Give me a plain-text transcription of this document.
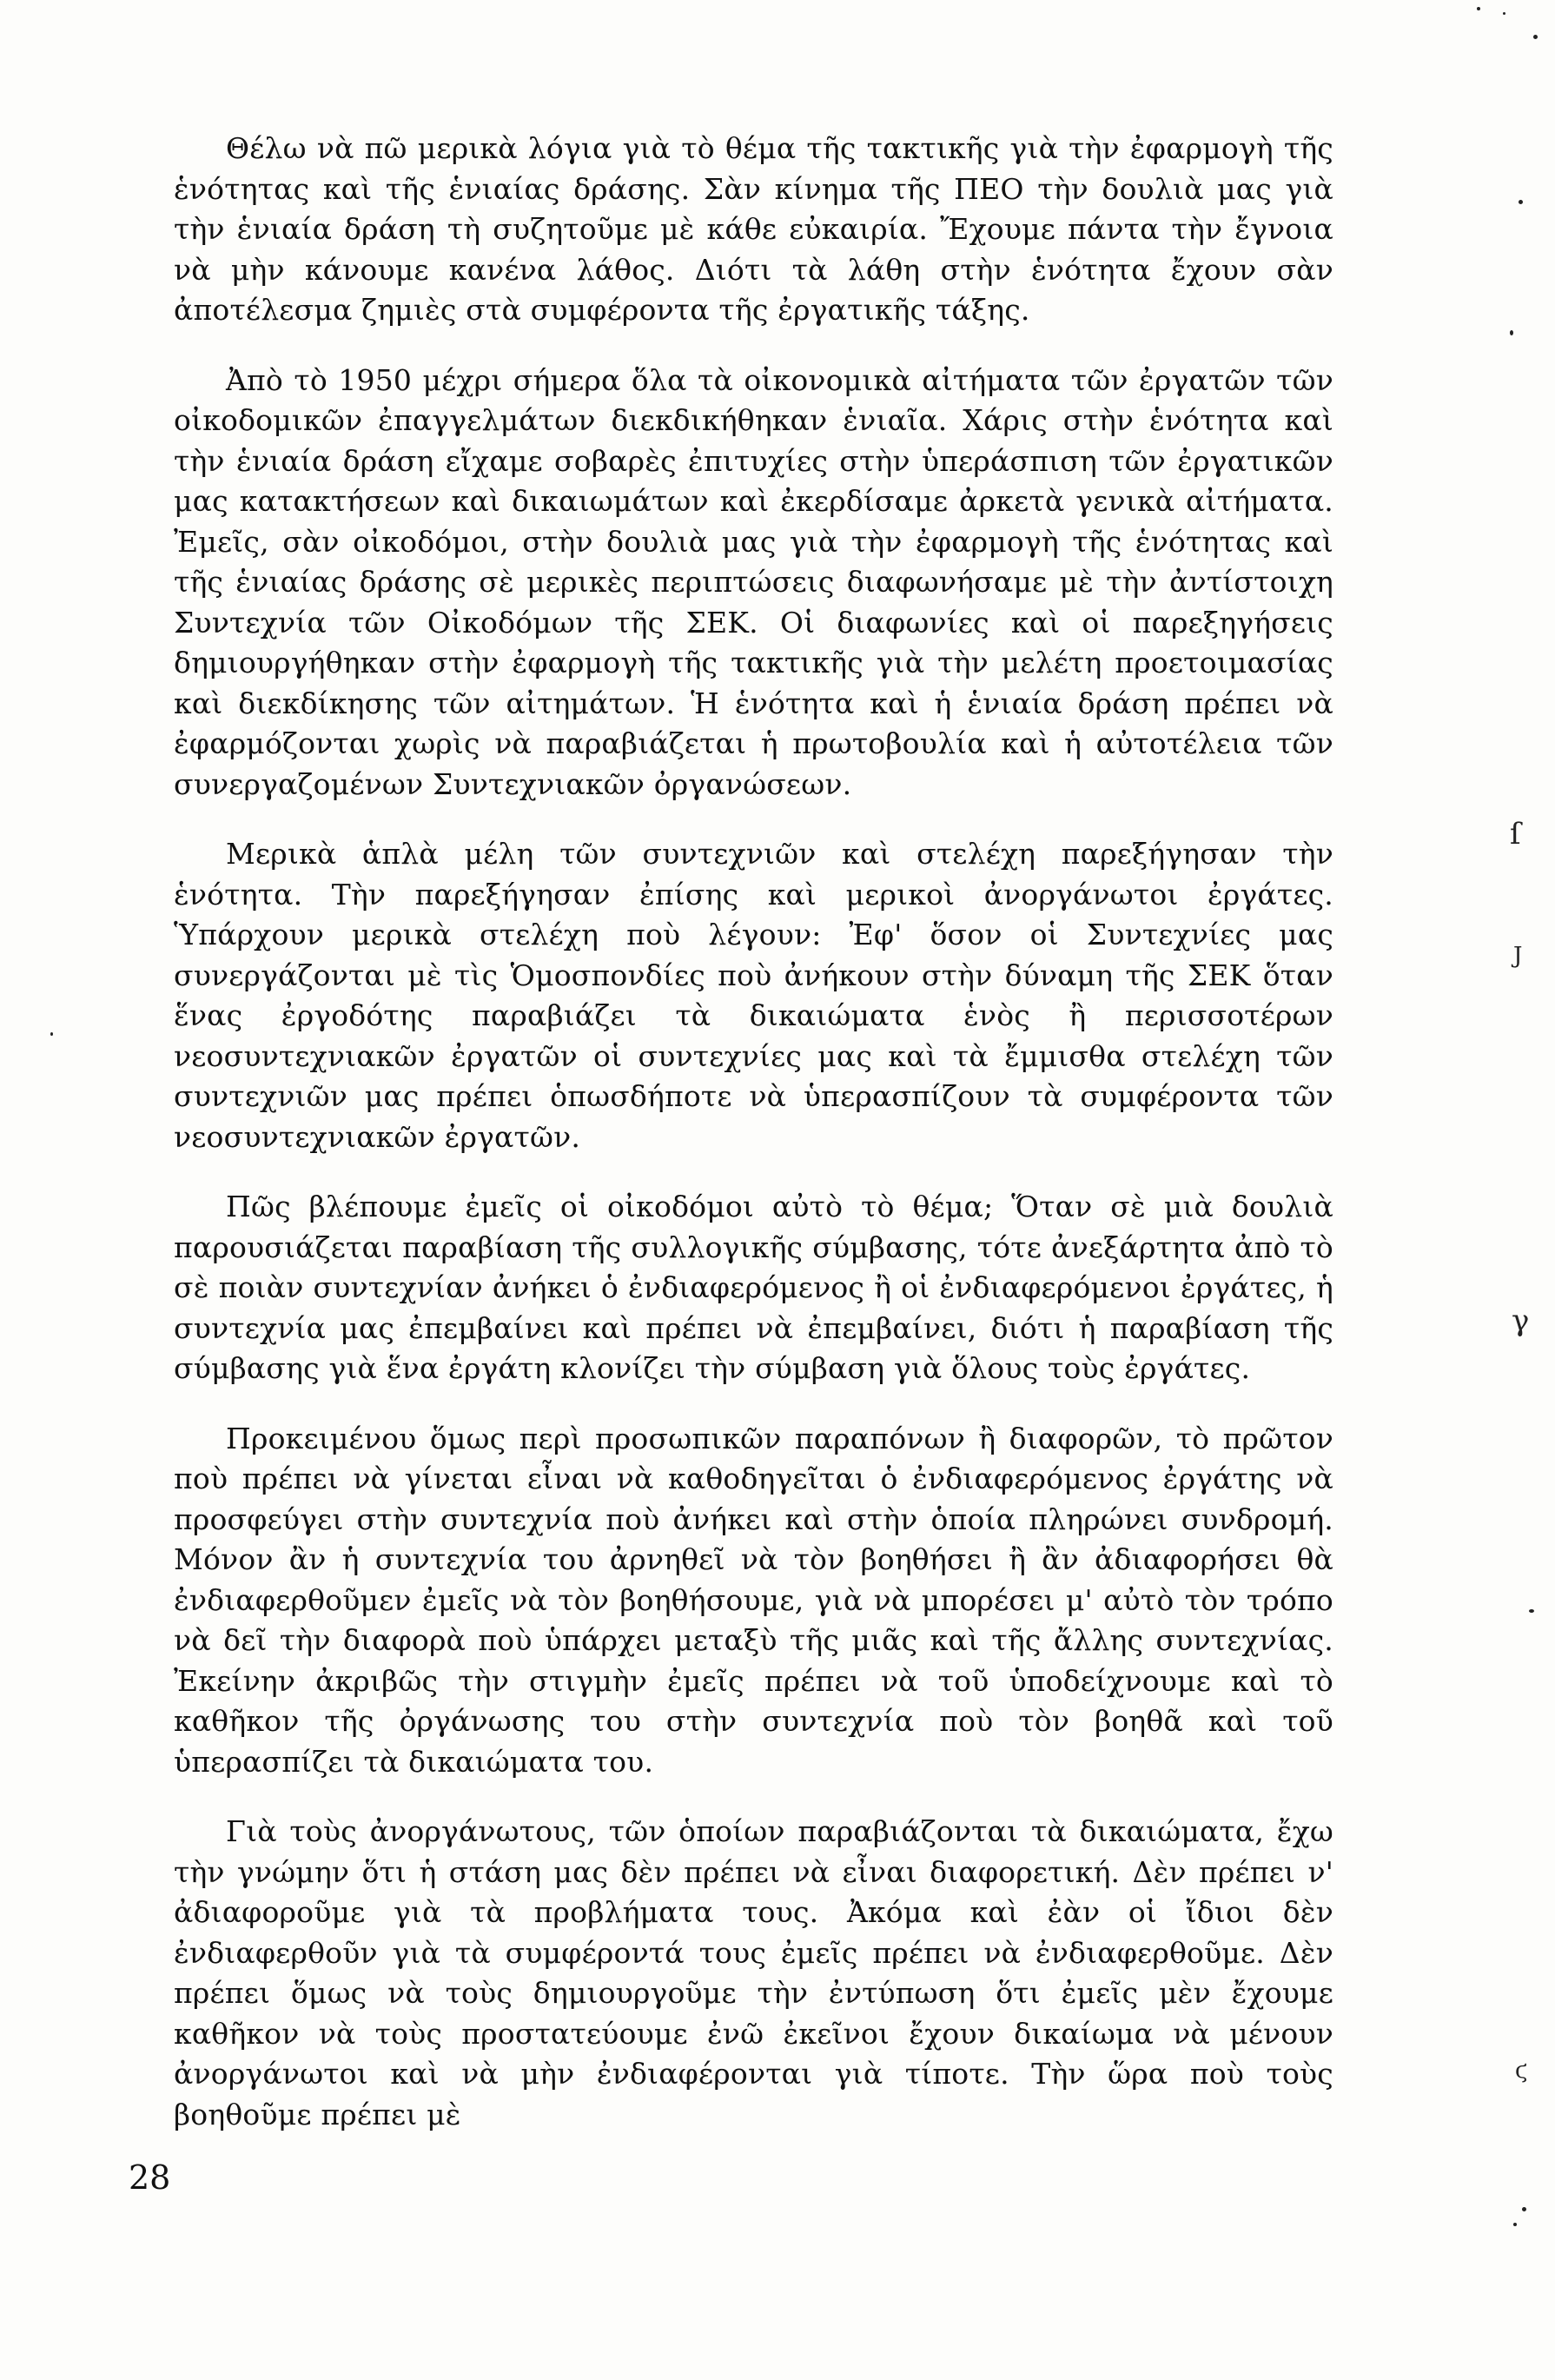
Θέλω νὰ πῶ μερικὰ λόγια γιὰ τὸ θέμα τῆς τακτικῆς γιὰ τὴν ἐφαρμογὴ τῆς ἑνότητας καὶ τῆς ἑνιαίας δράσης. Σὰν κίνημα τῆς ΠΕΟ τὴν δουλιὰ μας γιὰ τὴν ἑνιαία δράση τὴ συζητοῦμε μὲ κάθε εὐκαιρία. Ἔχουμε πάντα τὴν ἔγνοια νὰ μὴν κάνουμε κανένα λάθος. Διότι τὰ λάθη στὴν ἑνότητα ἔχουν σὰν ἀποτέλεσμα ζημιὲς στὰ συμφέροντα τῆς ἐργατικῆς τάξης.

Ἀπὸ τὸ 1950 μέχρι σήμερα ὅλα τὰ οἰκονομικὰ αἰτήματα τῶν ἐργατῶν τῶν οἰκοδομικῶν ἐπαγγελμάτων διεκδικήθηκαν ἑνιαῖα. Χάρις στὴν ἑνότητα καὶ τὴν ἑνιαία δράση εἴχαμε σοβαρὲς ἐπιτυχίες στὴν ὑπεράσπιση τῶν ἐργατικῶν μας κατακτήσεων καὶ δικαιωμάτων καὶ ἐκερδίσαμε ἀρκετὰ γενικὰ αἰτήματα. Ἐμεῖς, σὰν οἰκοδόμοι, στὴν δουλιὰ μας γιὰ τὴν ἐφαρμογὴ τῆς ἑνότητας καὶ τῆς ἑνιαίας δράσης σὲ μερικὲς περιπτώσεις διαφωνήσαμε μὲ τὴν ἀντίστοιχη Συντεχνία τῶν Οἰκοδόμων τῆς ΣΕΚ. Οἱ διαφωνίες καὶ οἱ παρεξηγήσεις δημιουργήθηκαν στὴν ἐφαρμογὴ τῆς τακτικῆς γιὰ τὴν μελέτη προετοιμασίας καὶ διεκδίκησης τῶν αἰτημάτων. Ἡ ἑνότητα καὶ ἡ ἑνιαία δράση πρέπει νὰ ἐφαρμόζονται χωρὶς νὰ παραβιάζεται ἡ πρωτοβουλία καὶ ἡ αὐτοτέλεια τῶν συνεργαζομένων Συντεχνιακῶν ὀργανώσεων.

Μερικὰ ἁπλὰ μέλη τῶν συντεχνιῶν καὶ στελέχη παρεξήγησαν τὴν ἑνότητα. Τὴν παρεξήγησαν ἐπίσης καὶ μερικοὶ ἀνοργάνωτοι ἐργάτες. Ὑπάρχουν μερικὰ στελέχη ποὺ λέγουν: Ἐφ' ὅσον οἱ Συντεχνίες μας συνεργάζονται μὲ τὶς Ὁμοσπονδίες ποὺ ἀνήκουν στὴν δύναμη τῆς ΣΕΚ ὅταν ἕνας ἐργοδότης παραβιάζει τὰ δικαιώματα ἑνὸς ἢ περισσοτέρων νεοσυντεχνιακῶν ἐργατῶν οἱ συντεχνίες μας καὶ τὰ ἔμμισθα στελέχη τῶν συντεχνιῶν μας πρέπει ὁπωσδήποτε νὰ ὑπερασπίζουν τὰ συμφέροντα τῶν νεοσυντεχνιακῶν ἐργατῶν.

Πῶς βλέπουμε ἐμεῖς οἱ οἰκοδόμοι αὐτὸ τὸ θέμα; Ὅταν σὲ μιὰ δουλιὰ παρουσιάζεται παραβίαση τῆς συλλογικῆς σύμβασης, τότε ἀνεξάρτητα ἀπὸ τὸ σὲ ποιὰν συντεχνίαν ἀνήκει ὁ ἐνδιαφερόμενος ἢ οἱ ἐνδιαφερόμενοι ἐργάτες, ἡ συντεχνία μας ἐπεμβαίνει καὶ πρέπει νὰ ἐπεμβαίνει, διότι ἡ παραβίαση τῆς σύμβασης γιὰ ἕνα ἐργάτη κλονίζει τὴν σύμβαση γιὰ ὅλους τοὺς ἐργάτες.

Προκειμένου ὅμως περὶ προσωπικῶν παραπόνων ἢ διαφορῶν, τὸ πρῶτον ποὺ πρέπει νὰ γίνεται εἶναι νὰ καθοδηγεῖται ὁ ἐνδιαφερόμενος ἐργάτης νὰ προσφεύγει στὴν συντεχνία ποὺ ἀνήκει καὶ στὴν ὁποία πληρώνει συνδρομή. Μόνον ἂν ἡ συντεχνία του ἀρνηθεῖ νὰ τὸν βοηθήσει ἢ ἂν ἀδιαφορήσει θὰ ἐνδιαφερθοῦμεν ἐμεῖς νὰ τὸν βοηθήσουμε, γιὰ νὰ μπορέσει μ' αὐτὸ τὸν τρόπο νὰ δεῖ τὴν διαφορὰ ποὺ ὑπάρχει μεταξὺ τῆς μιᾶς καὶ τῆς ἄλλης συντεχνίας. Ἐκείνην ἀκριβῶς τὴν στιγμὴν ἐμεῖς πρέπει νὰ τοῦ ὑποδείχνουμε καὶ τὸ καθῆκον τῆς ὀργάνωσης του στὴν συντεχνία ποὺ τὸν βοηθᾶ καὶ τοῦ ὑπερασπίζει τὰ δικαιώματα του.

Γιὰ τοὺς ἀνοργάνωτους, τῶν ὁποίων παραβιάζονται τὰ δικαιώματα, ἔχω τὴν γνώμην ὅτι ἡ στάση μας δὲν πρέπει νὰ εἶναι διαφορετική. Δὲν πρέπει ν' ἀδιαφοροῦμε γιὰ τὰ προβλήματα τους. Ἀκόμα καὶ ἐὰν οἱ ἴδιοι δὲν ἐνδιαφερθοῦν γιὰ τὰ συμφέροντά τους ἐμεῖς πρέπει νὰ ἐνδιαφερθοῦμε. Δὲν πρέπει ὅμως νὰ τοὺς δημιουργοῦμε τὴν ἐντύπωση ὅτι ἐμεῖς μὲν ἔχουμε καθῆκον νὰ τοὺς προστατεύουμε ἐνῶ ἐκεῖνοι ἔχουν δικαίωμα νὰ μένουν ἀνοργάνωτοι καὶ νὰ μὴν ἐνδιαφέρονται γιὰ τίποτε. Τὴν ὥρα ποὺ τοὺς βοηθοῦμε πρέπει μὲ

28
ſ
J
γ
ϛ
